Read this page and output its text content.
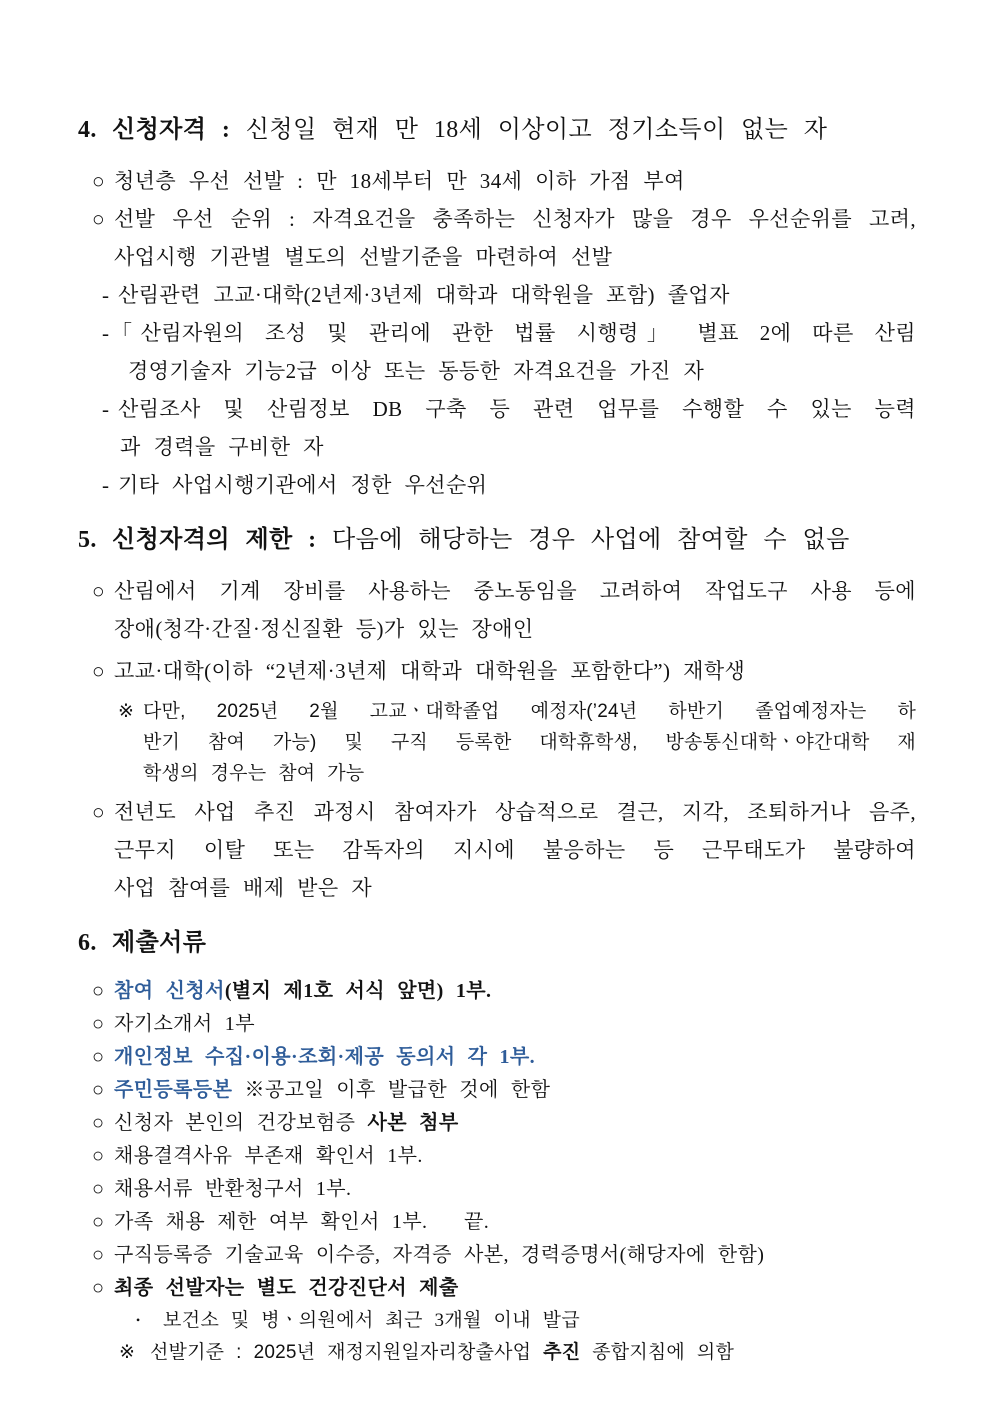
4. 신청자격 : 신청일 현재 만 18세 이상이고 정기소득이 없는 자
○ 청년층 우선 선발 : 만 18세부터 만 34세 이하 가점 부여
○ 선발 우선 순위 : 자격요건을 충족하는 신청자가 많을 경우 우선순위를 고려,
사업시행 기관별 별도의 선발기준을 마련하여 선발
- 산림관련 고교·대학(2년제·3년제 대학과 대학원을 포함) 졸업자
- 「산림자원의 조성 및 관리에 관한 법률 시행령」 별표 2에 따른 산림
경영기술자 기능2급 이상 또는 동등한 자격요건을 가진 자
- 산림조사 및 산림정보 DB 구축 등 관련 업무를 수행할 수 있는 능력
과 경력을 구비한 자
- 기타 사업시행기관에서 정한 우선순위
5. 신청자격의 제한 : 다음에 해당하는 경우 사업에 참여할 수 없음
○ 산림에서 기계 장비를 사용하는 중노동임을 고려하여 작업도구 사용 등에
장애(청각·간질·정신질환 등)가 있는 장애인
○ 고교·대학(이하 “2년제·3년제 대학과 대학원을 포함한다”) 재학생
※ 다만, 2025년 2월 고교ㆍ대학졸업 예정자(’24년 하반기 졸업예정자는 하
반기 참여 가능) 및 구직 등록한 대학휴학생, 방송통신대학ㆍ야간대학 재
학생의 경우는 참여 가능
○ 전년도 사업 추진 과정시 참여자가 상습적으로 결근, 지각, 조퇴하거나 음주,
근무지 이탈 또는 감독자의 지시에 불응하는 등 근무태도가 불량하여
사업 참여를 배제 받은 자
6. 제출서류
○ 참여 신청서(별지 제1호 서식 앞면) 1부.
○ 자기소개서 1부
○ 개인정보 수집·이용·조회·제공 동의서 각 1부.
○ 주민등록등본 ※공고일 이후 발급한 것에 한함
○ 신청자 본인의 건강보험증 사본 첨부
○ 채용결격사유 부존재 확인서 1부.
○ 채용서류 반환청구서 1부.
○ 가족 채용 제한 여부 확인서 1부.   끝.
○ 구직등록증 기술교육 이수증, 자격증 사본, 경력증명서(해당자에 한함)
○ 최종 선발자는 별도 건강진단서 제출
• 보건소 및 병ㆍ의원에서 최근 3개월 이내 발급
※ 선발기준 : 2025년 재정지원일자리창출사업 추진 종합지침에 의함
